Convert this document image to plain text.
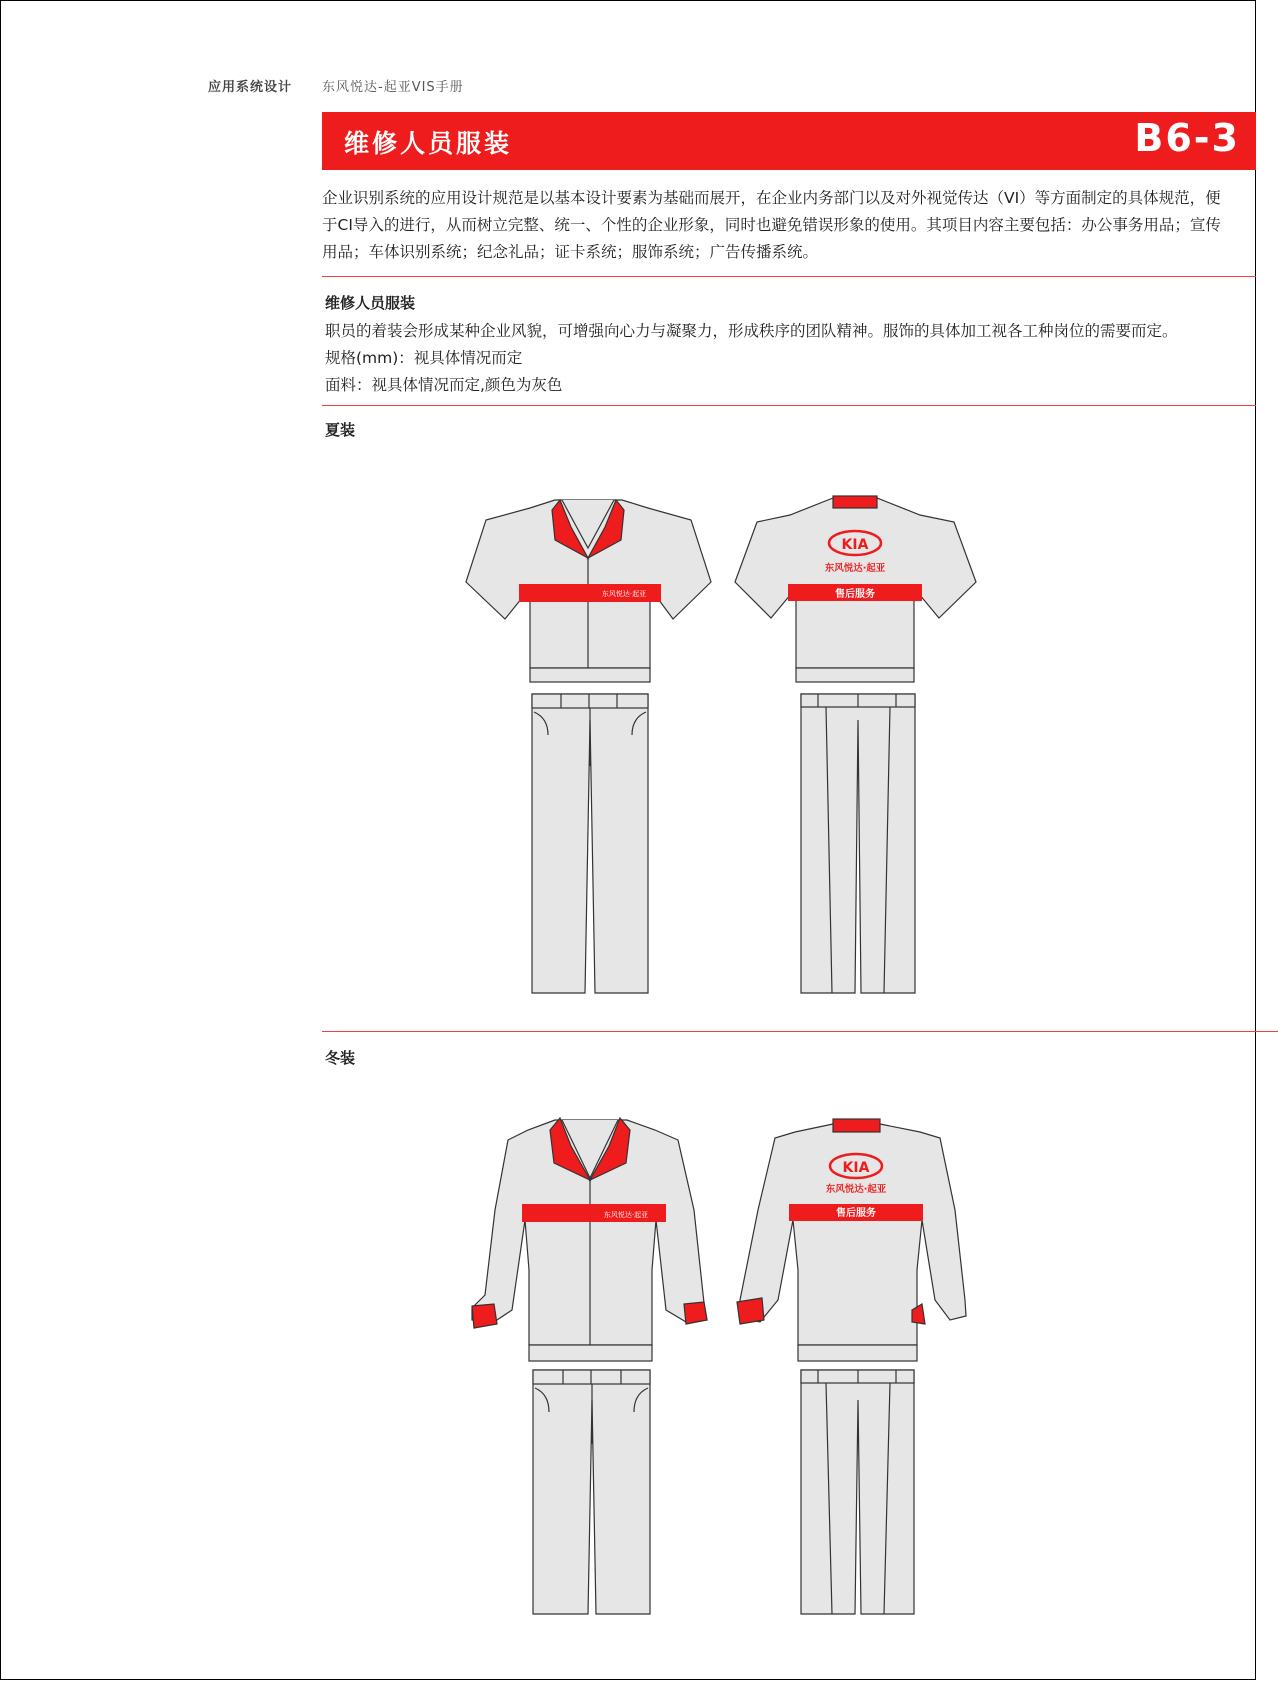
应用系统设计 东风悦达-起亚VIS手册
维修人员服装	B6-3
企业识别系统的应用设计规范是以基本设计要素为基础而展开，在企业内务部门以及对外视觉传达（VI）等方面制定的具体规范，便于CI导入的进行，从而树立完整、统一、个性的企业形象，同时也避免错误形象的使用。其项目内容主要包括：办公事务用品；宣传用品；车体识别系统；纪念礼品；证卡系统；服饰系统；广告传播系统。
维修人员服装
职员的着装会形成某种企业风貌，可增强向心力与凝聚力，形成秩序的团队精神。服饰的具体加工视各工种岗位的需要而定。
规格(mm)：视具体情况而定
面料：视具体情况而定,颜色为灰色
夏装
东风悦达·起亚
KIA
东风悦达·起亚
售后服务
东风悦达·起亚
KIA
东风悦达·起亚
售后服务
冬装
